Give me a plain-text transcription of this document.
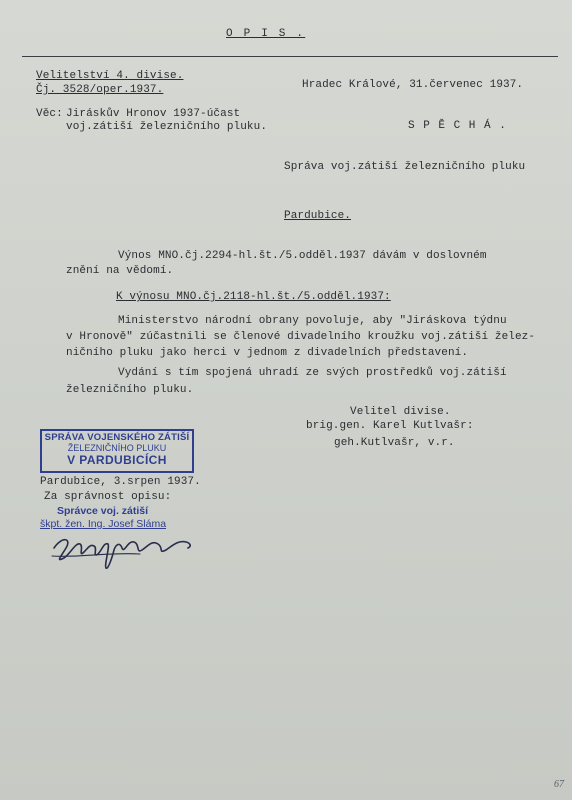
O P I S .
Velitelství 4. divise.
Čj. 3528/oper.1937.	Hradec Králové, 31.červenec 1937.
Věc: Jiráskův Hronov 1937-účast
voj.zátiší železničního pluku.	S P Ě C H Á .
Správa voj.zátiší železničního pluku
Pardubice.
Výnos MNO.čj.2294-hl.št./5.odděl.1937 dávám v doslovném
znění na vědomí.
K výnosu MNO.čj.2118-hl.št./5.odděl.1937:
Ministerstvo národní obrany povoluje, aby "Jiráskova týdnu
v Hronově" zúčastnili se členové divadelního kroužku voj.zátiší želez-
ničního pluku jako herci v jednom z divadelních představení.
Vydání s tím spojená uhradí ze svých prostředků voj.zátiší
železničního pluku.
Velitel divise.
brig.gen. Karel Kutlvašr:
geh.Kutlvašr, v.r.
SPRÁVA VOJENSKÉHO ZÁTIŠÍ
ŽELEZNIČNÍHO PLUKU
V PARDUBICÍCH
Pardubice, 3.srpen 1937.
Za správnost opisu:
Správce voj. zátiší
škpt. žen. Ing. Josef Sláma
67
